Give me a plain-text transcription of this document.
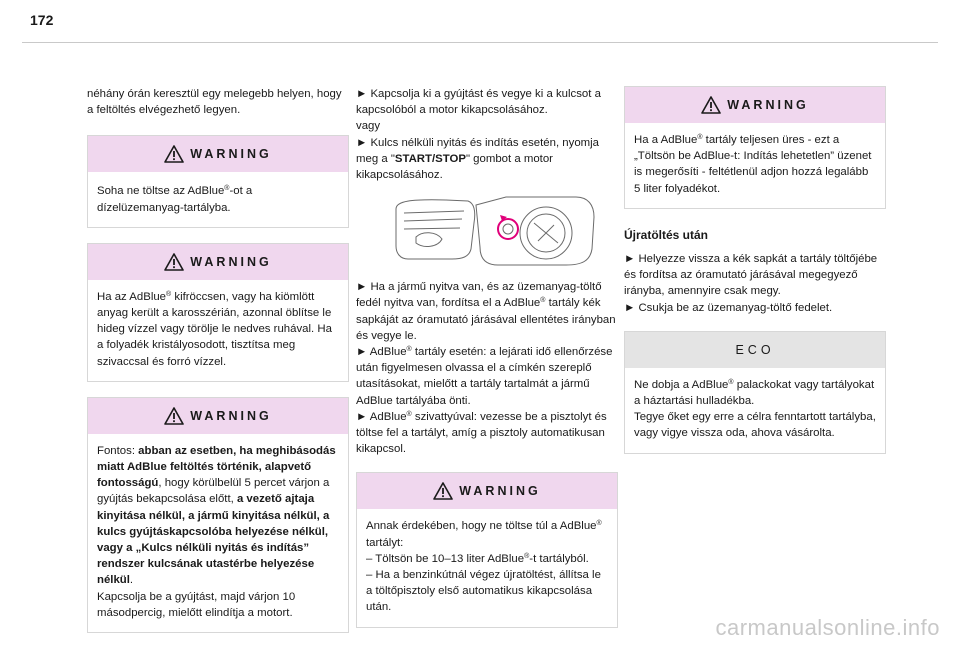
172

néhány órán keresztül egy melegebb helyen, hogy a feltöltés elvégezhető legyen.

WARNING

Soha ne töltse az AdBlue®-ot a dízelüzemanyag-tartályba.

WARNING

Ha az AdBlue® kifröccsen, vagy ha kiömlött anyag került a karosszérián, azonnal öblítse le hideg vízzel vagy törölje le nedves ruhával. Ha a folyadék kristályosodott, tisztítsa meg szivaccsal és forró vízzel.

WARNING

Fontos: abban az esetben, ha meghibásodás miatt AdBlue feltöltés történik, alapvető fontosságú, hogy körülbelül 5 percet várjon a gyújtás bekapcsolása előtt, a vezető ajtaja kinyitása nélkül, a jármű kinyitása nélkül, a kulcs gyújtáskapcsolóba helyezése nélkül, vagy a „Kulcs nélküli nyitás és indítás” rendszer kulcsának utastérbe helyezése nélkül.

Kapcsolja be a gyújtást, majd várjon 10 másodpercig, mielőtt elindítja a motort.

► Kapcsolja ki a gyújtást és vegye ki a kulcsot a kapcsolóból a motor kikapcsolásához.

vagy

► Kulcs nélküli nyitás és indítás esetén, nyomja meg a "START/STOP" gombot a motor kikapcsolásához.

► Ha a jármű nyitva van, és az üzemanyag-töltő fedél nyitva van, fordítsa el a AdBlue® tartály kék sapkáját az óramutató járásával ellentétes irányban és vegye le.

► AdBlue® tartály esetén: a lejárati idő ellenőrzése után figyelmesen olvassa el a címkén szereplő utasításokat, mielőtt a tartály tartalmát a jármű AdBlue tartályába önti.

► AdBlue® szivattyúval: vezesse be a pisztolyt és töltse fel a tartályt, amíg a pisztoly automatikusan kikapcsol.

WARNING

Annak érdekében, hogy ne töltse túl a AdBlue® tartályt:

– Töltsön be 10–13 liter AdBlue®-t tartályból.

– Ha a benzinkútnál végez újratöltést, állítsa le a töltőpisztoly első automatikus kikapcsolása után.

WARNING

Ha a AdBlue® tartály teljesen üres - ezt a „Töltsön be AdBlue-t: Indítás lehetetlen” üzenet is megerősíti - feltétlenül adjon hozzá legalább 5 liter folyadékot.

Újratöltés után

► Helyezze vissza a kék sapkát a tartály töltőjébe és fordítsa az óramutató járásával megegyező irányba, amennyire csak megy.

► Csukja be az üzemanyag-töltő fedelet.

ECO

Ne dobja a AdBlue® palackokat vagy tartályokat a háztartási hulladékba.

Tegye őket egy erre a célra fenntartott tartályba, vagy vigye vissza oda, ahova vásárolta.

carmanualsonline.info
